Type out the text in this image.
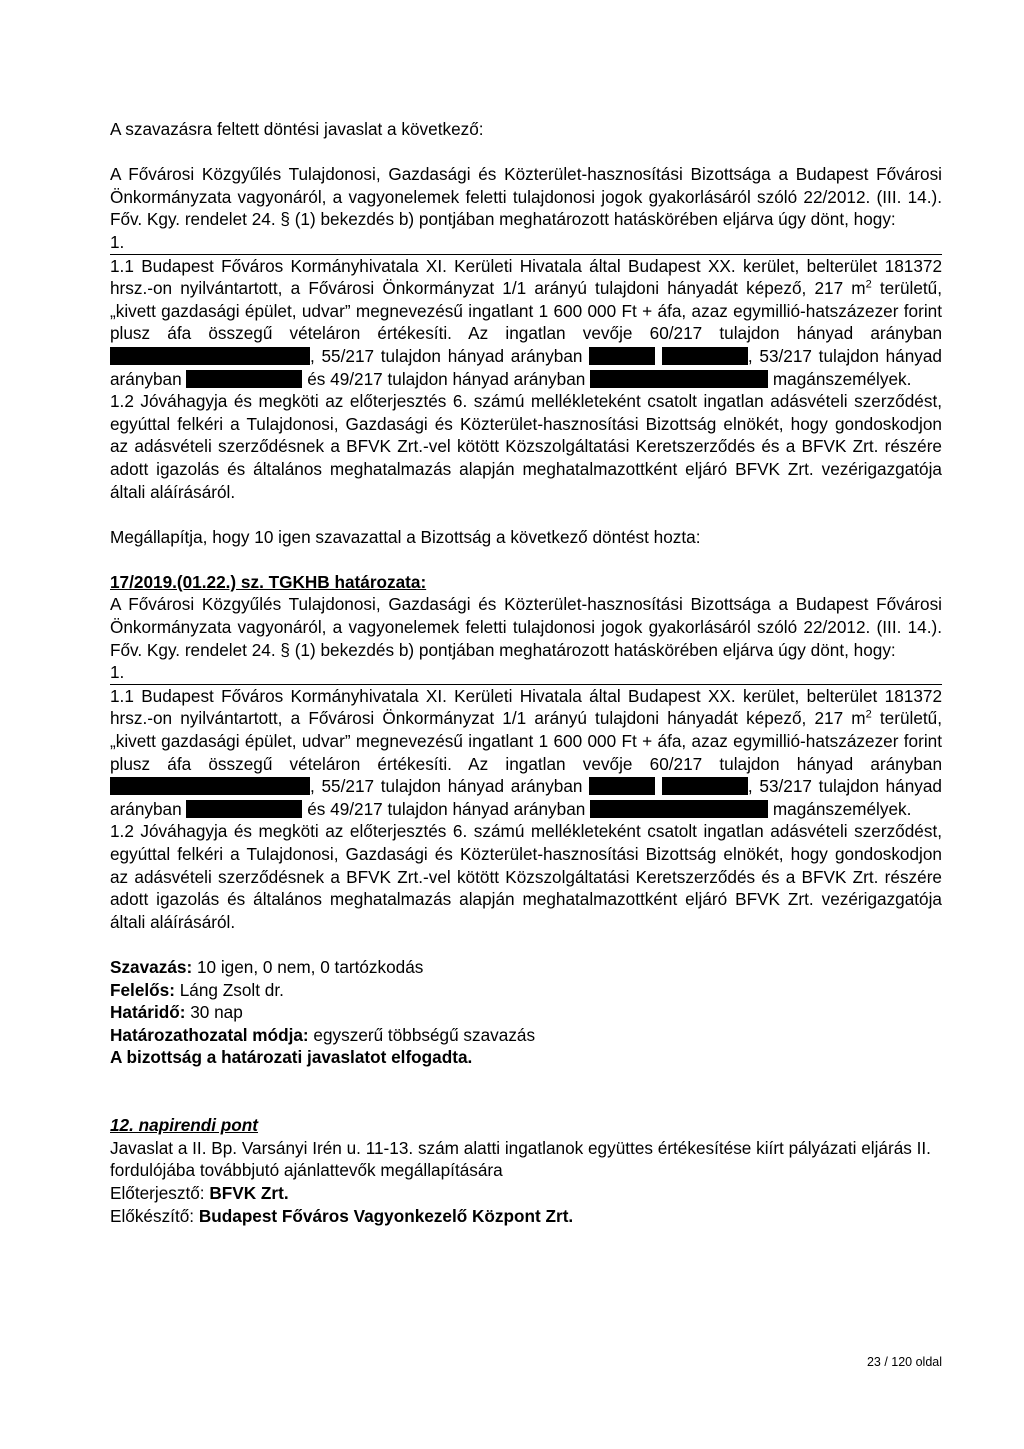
A szavazásra feltett döntési javaslat a következő:

A Fővárosi Közgyűlés Tulajdonosi, Gazdasági és Közterület-hasznosítási Bizottsága a Budapest Fővárosi Önkormányzata vagyonáról, a vagyonelemek feletti tulajdonosi jogok gyakorlásáról szóló 22/2012. (III. 14.). Főv. Kgy. rendelet 24. § (1) bekezdés b) pontjában meghatározott hatáskörében eljárva úgy dönt, hogy:

1.

1.1 Budapest Főváros Kormányhivatala XI. Kerületi Hivatala által Budapest XX. kerület, belterület 181372 hrsz.-on nyilvántartott, a Fővárosi Önkormányzat 1/1 arányú tulajdoni hányadát képező, 217 $m^2$ területű, „kivett gazdasági épület, udvar” megnevezésű ingatlant 1 600 000 Ft + áfa, azaz egymillió-hatszázezer forint plusz áfa összegű vételáron értékesíti. Az ingatlan vevője 60/217 tulajdon hányad arányban , 55/217 tulajdon hányad arányban	, 53/217 tulajdon hányad arányban	és 49/217 tulajdon hányad arányban	magánszemélyek.

1.2 Jóváhagyja és megköti az előterjesztés 6. számú mellékleteként csatolt ingatlan adásvételi szerződést, egyúttal felkéri a Tulajdonosi, Gazdasági és Közterület-hasznosítási Bizottság elnökét, hogy gondoskodjon az adásvételi szerződésnek a BFVK Zrt.-vel kötött Közszolgáltatási Keretszerződés és a BFVK Zrt. részére adott igazolás és általános meghatalmazás alapján meghatalmazottként eljáró BFVK Zrt. vezérigazgatója általi aláírásáról.

Megállapítja, hogy 10 igen szavazattal a Bizottság a következő döntést hozta:

17/2019.(01.22.) sz. TGKHB határozata:

A Fővárosi Közgyűlés Tulajdonosi, Gazdasági és Közterület-hasznosítási Bizottsága a Budapest Fővárosi Önkormányzata vagyonáról, a vagyonelemek feletti tulajdonosi jogok gyakorlásáról szóló 22/2012. (III. 14.). Főv. Kgy. rendelet 24. § (1) bekezdés b) pontjában meghatározott hatáskörében eljárva úgy dönt, hogy:

1.

1.1 Budapest Főváros Kormányhivatala XI. Kerületi Hivatala által Budapest XX. kerület, belterület 181372 hrsz.-on nyilvántartott, a Fővárosi Önkormányzat 1/1 arányú tulajdoni hányadát képező, 217 $m^2$ területű, „kivett gazdasági épület, udvar” megnevezésű ingatlant 1 600 000 Ft + áfa, azaz egymillió-hatszázezer forint plusz áfa összegű vételáron értékesíti. Az ingatlan vevője 60/217 tulajdon hányad arányban , 55/217 tulajdon hányad arányban	, 53/217 tulajdon hányad arányban	és 49/217 tulajdon hányad arányban	magánszemélyek.

1.2 Jóváhagyja és megköti az előterjesztés 6. számú mellékleteként csatolt ingatlan adásvételi szerződést, egyúttal felkéri a Tulajdonosi, Gazdasági és Közterület-hasznosítási Bizottság elnökét, hogy gondoskodjon az adásvételi szerződésnek a BFVK Zrt.-vel kötött Közszolgáltatási Keretszerződés és a BFVK Zrt. részére adott igazolás és általános meghatalmazás alapján meghatalmazottként eljáró BFVK Zrt. vezérigazgatója általi aláírásáról.

Szavazás: 10 igen, 0 nem, 0 tartózkodás

Felelős: Láng Zsolt dr.

Határidő: 30 nap

Határozathozatal módja: egyszerű többségű szavazás

A bizottság a határozati javaslatot elfogadta.

12. napirendi pont

Javaslat a II. Bp. Varsányi Irén u. 11-13. szám alatti ingatlanok együttes értékesítése kiírt pályázati eljárás II. fordulójába továbbjutó ajánlattevők megállapítására

Előterjesztő: BFVK Zrt.

Előkészítő: Budapest Főváros Vagyonkezelő Központ Zrt.

23 / 120 oldal
